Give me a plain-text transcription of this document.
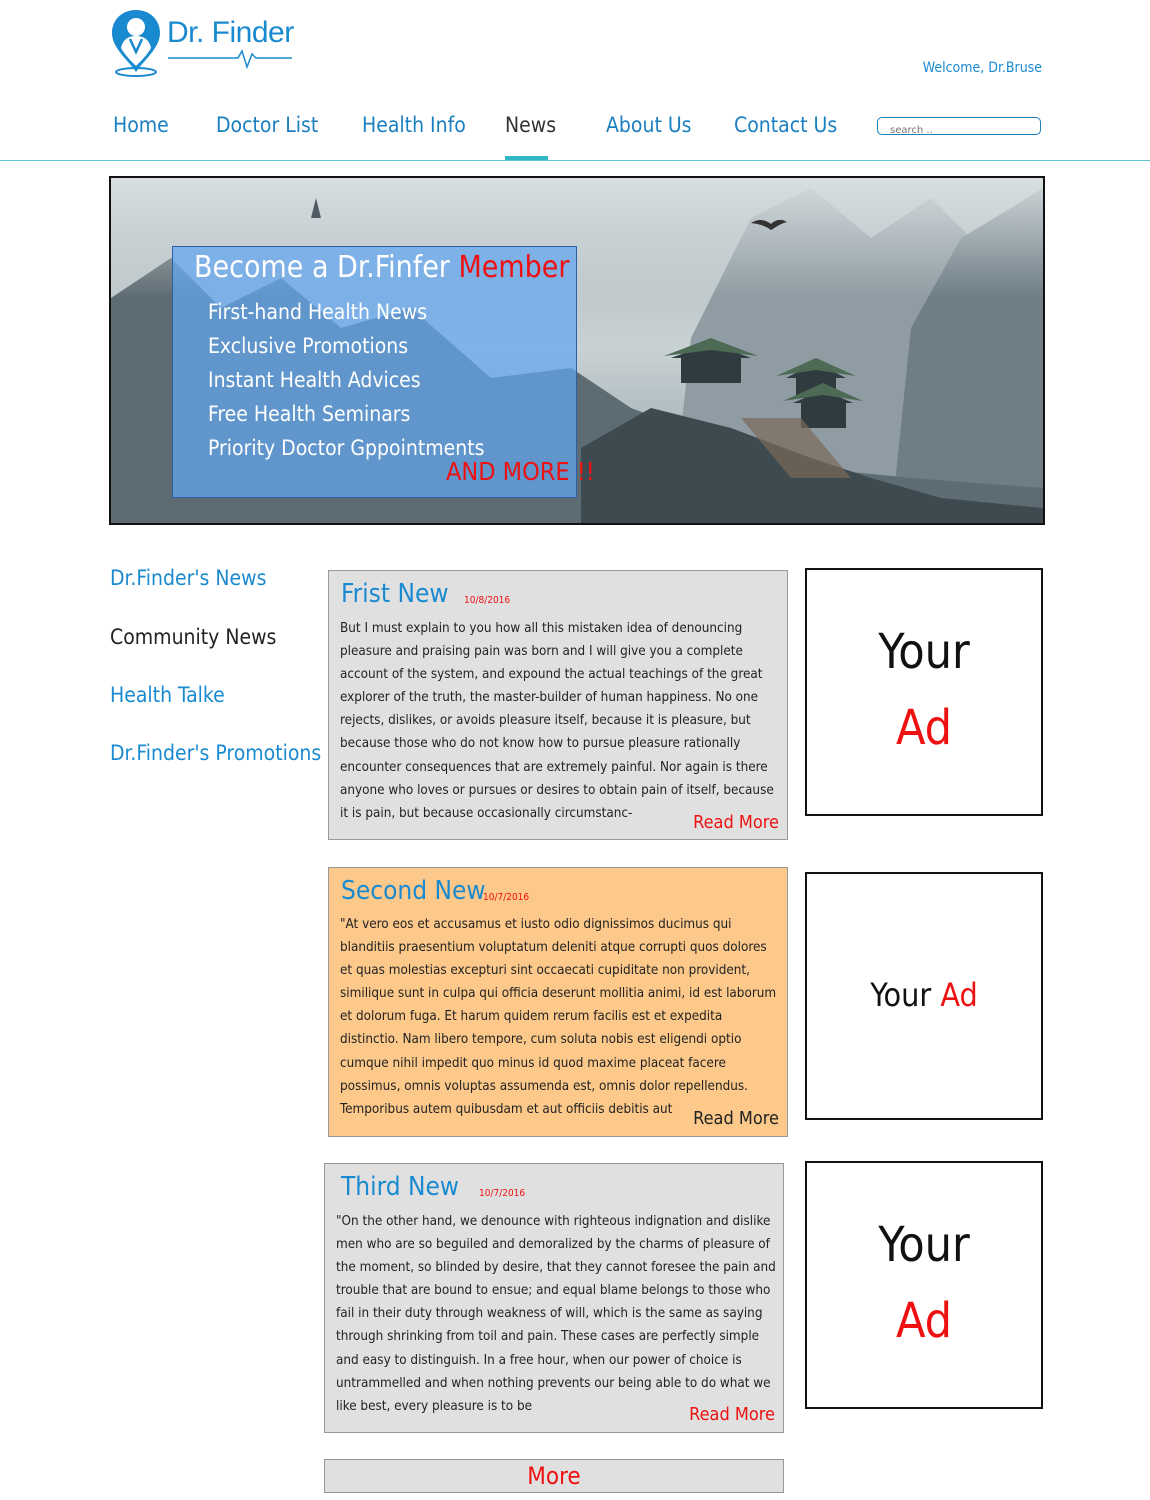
Dr. Finder
Welcome, Dr.Bruse
Home Doctor List Health Info News About Us Contact Us
search ..
Become a Dr.Finfer Member
First-hand Health News
Exclusive Promotions
Instant Health Advices
Free Health Seminars
Priority Doctor Gppointments
AND MORE !!
Dr.Finder's News
Community News
Health Talke
Dr.Finder's Promotions
Frist New 10/8/2016
But I must explain to you how all this mistaken idea of denouncing pleasure and praising pain was born and I will give you a complete account of the system, and expound the actual teachings of the great explorer of the truth, the master-builder of human happiness. No one rejects, dislikes, or avoids pleasure itself, because it is pleasure, but because those who do not know how to pursue pleasure rationally encounter consequences that are extremely painful. Nor again is there anyone who loves or pursues or desires to obtain pain of itself, because it is pain, but because occasionally circumstanc-	Read More
Second New
10/7/2016
"At vero eos et accusamus et iusto odio dignissimos ducimus qui blanditiis praesentium voluptatum deleniti atque corrupti quos dolores et quas molestias excepturi sint occaecati cupiditate non provident, similique sunt in culpa qui officia deserunt mollitia animi, id est laborum et dolorum fuga. Et harum quidem rerum facilis est et expedita distinctio. Nam libero tempore, cum soluta nobis est eligendi optio cumque nihil impedit quo minus id quod maxime placeat facere possimus, omnis voluptas assumenda est, omnis dolor repellendus. Temporibus autem quibusdam et aut officiis debitis aut	Read More
Third New 10/7/2016
"On the other hand, we denounce with righteous indignation and dislike men who are so beguiled and demoralized by the charms of pleasure of the moment, so blinded by desire, that they cannot foresee the pain and trouble that are bound to ensue; and equal blame belongs to those who fail in their duty through weakness of will, which is the same as saying through shrinking from toil and pain. These cases are perfectly simple and easy to distinguish. In a free hour, when our power of choice is untrammelled and when nothing prevents our being able to do what we like best, every pleasure is to be	Read More
Your
Ad
Your Ad
Your
Ad
More
